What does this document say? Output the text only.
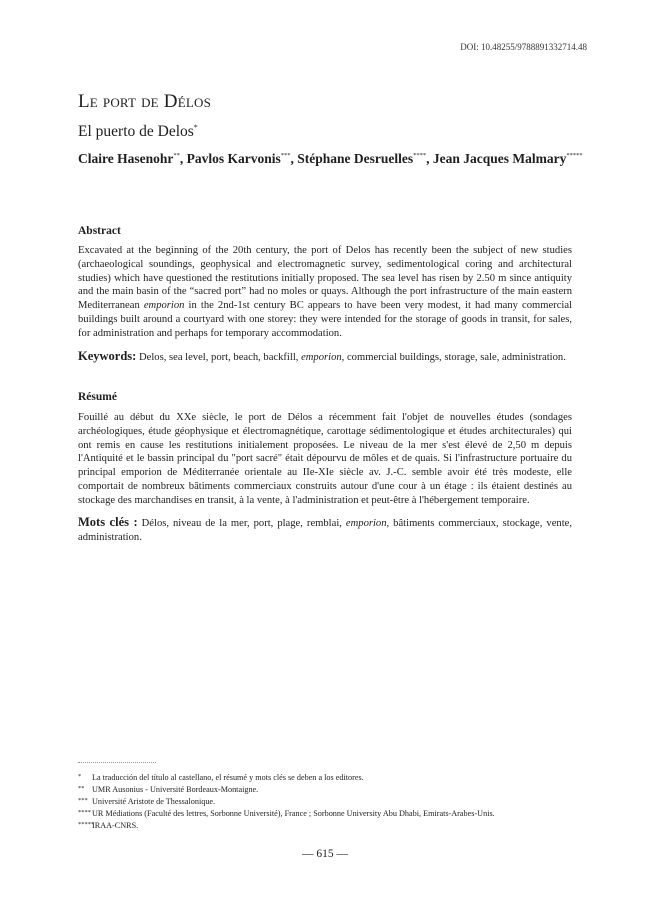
DOI: 10.48255/9788891332714.48
Le port de Délos
El puerto de Delos*
Claire Hasenohr**, Pavlos Karvonis***, Stéphane Desruelles****, Jean Jacques Malmary*****
Abstract
Excavated at the beginning of the 20th century, the port of Delos has recently been the subject of new studies (archaeological soundings, geophysical and electromagnetic survey, sedimentological coring and architectural studies) which have questioned the restitutions initially proposed. The sea level has risen by 2.50 m since antiquity and the main basin of the “sacred port” had no moles or quays. Although the port infrastructure of the main eastern Mediterranean emporion in the 2nd-1st century BC appears to have been very modest, it had many commercial buildings built around a courtyard with one storey: they were intended for the storage of goods in transit, for sales, for administration and perhaps for temporary accommodation.
Keywords: Delos, sea level, port, beach, backfill, emporion, commercial buildings, storage, sale, administration.
Résumé
Fouillé au début du XXe siècle, le port de Délos a récemment fait l'objet de nouvelles études (sondages archéologiques, étude géophysique et électromagnétique, carottage sédimentologique et études architecturales) qui ont remis en cause les restitutions initialement proposées. Le niveau de la mer s'est élevé de 2,50 m depuis l'Antiquité et le bassin principal du "port sacré" était dépourvu de môles et de quais. Si l'infrastructure portuaire du principal emporion de Méditerranée orientale au IIe-XIe siècle av. J.-C. semble avoir été très modeste, elle comportait de nombreux bâtiments commerciaux construits autour d'une cour à un étage : ils étaient destinés au stockage des marchandises en transit, à la vente, à l'administration et peut-être à l'hébergement temporaire.
Mots clés : Délos, niveau de la mer, port, plage, remblai, emporion, bâtiments commerciaux, stockage, vente, administration.
* La traducción del título al castellano, el résumé y mots clés se deben a los editores.
** UMR Ausonius - Université Bordeaux-Montaigne.
*** Université Aristote de Thessalonique.
****UR Médiations (Faculté des lettres, Sorbonne Université), France ; Sorbonne University Abu Dhabi, Emirats-Arabes-Unis.
*****IRAA-CNRS.
— 615 —
